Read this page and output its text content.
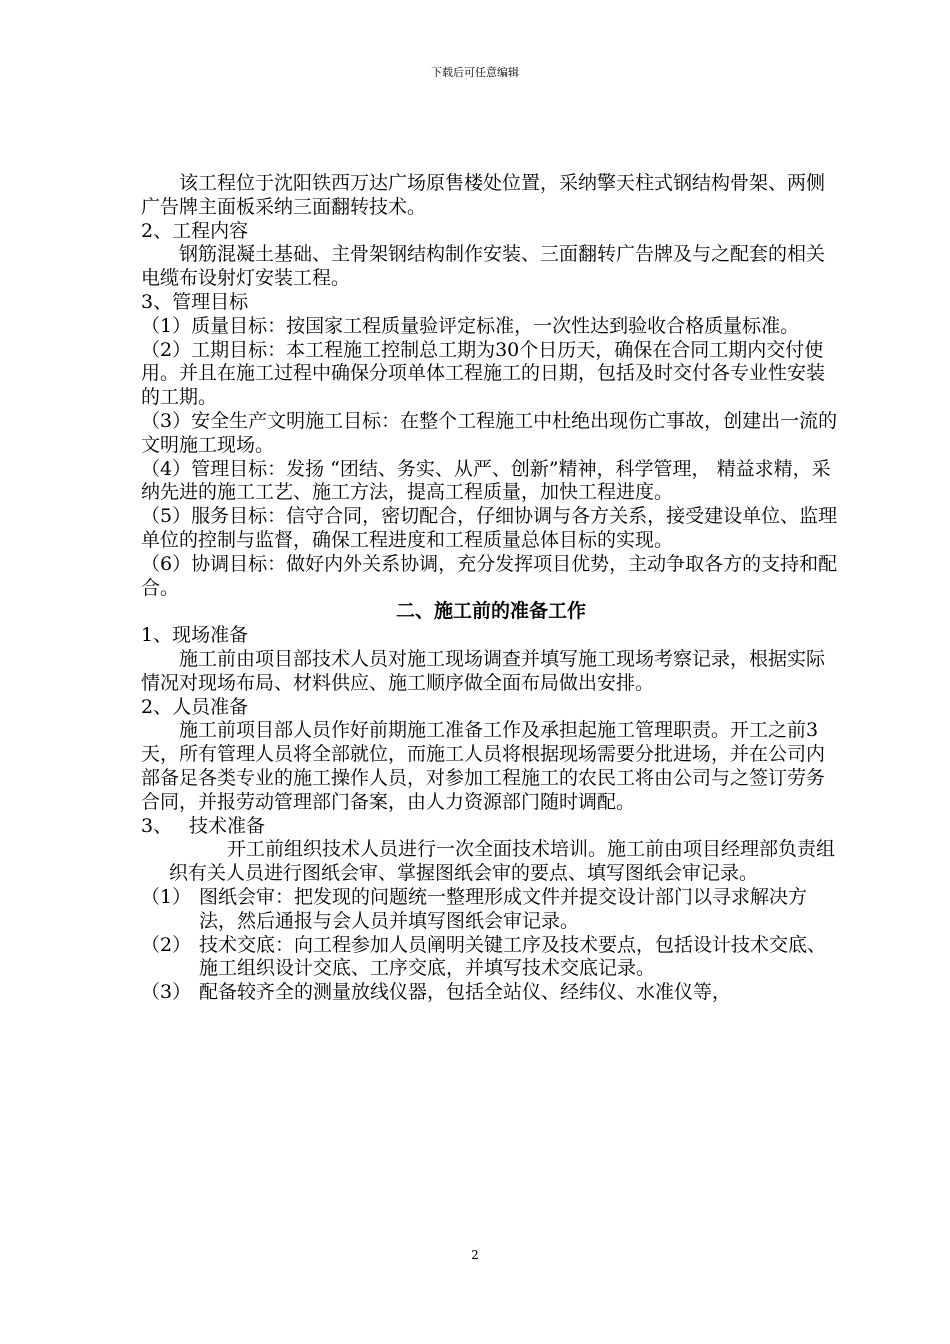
下载后可任意编辑

该工程位于沈阳铁西万达广场原售楼处位置，采纳擎天柱式钢结构骨架、两侧广告牌主面板采纳三面翻转技术。

2、工程内容

钢筋混凝土基础、主骨架钢结构制作安装、三面翻转广告牌及与之配套的相关电缆布设射灯安装工程。

3、管理目标

（1）质量目标：按国家工程质量验评定标准，一次性达到验收合格质量标准。

（2）工期目标：本工程施工控制总工期为30个日历天，确保在合同工期内交付使用。并且在施工过程中确保分项单体工程施工的日期，包括及时交付各专业性安装的工期。

（3）安全生产文明施工目标：在整个工程施工中杜绝出现伤亡事故，创建出一流的文明施工现场。

（4）管理目标：发扬 “团结、务实、从严、创新”精神，科学管理， 精益求精，采纳先进的施工工艺、施工方法，提高工程质量，加快工程进度。

（5）服务目标：信守合同，密切配合，仔细协调与各方关系，接受建设单位、监理单位的控制与监督，确保工程进度和工程质量总体目标的实现。

（6）协调目标：做好内外关系协调，充分发挥项目优势，主动争取各方的支持和配合。

二、施工前的准备工作

1、现场准备

施工前由项目部技术人员对施工现场调查并填写施工现场考察记录，根据实际情况对现场布局、材料供应、施工顺序做全面布局做出安排。

2、人员准备

施工前项目部人员作好前期施工准备工作及承担起施工管理职责。开工之前3天，所有管理人员将全部就位，而施工人员将根据现场需要分批进场，并在公司内部备足各类专业的施工操作人员，对参加工程施工的农民工将由公司与之签订劳务合同，并报劳动管理部门备案，由人力资源部门随时调配。

3、 技术准备

开工前组织技术人员进行一次全面技术培训。施工前由项目经理部负责组织有关人员进行图纸会审、掌握图纸会审的要点、填写图纸会审记录。

（1） 图纸会审：把发现的问题统一整理形成文件并提交设计部门以寻求解决方法，然后通报与会人员并填写图纸会审记录。
（2） 技术交底：向工程参加人员阐明关键工序及技术要点，包括设计技术交底、施工组织设计交底、工序交底，并填写技术交底记录。
（3） 配备较齐全的测量放线仪器，包括全站仪、经纬仪、水准仪等，
2
